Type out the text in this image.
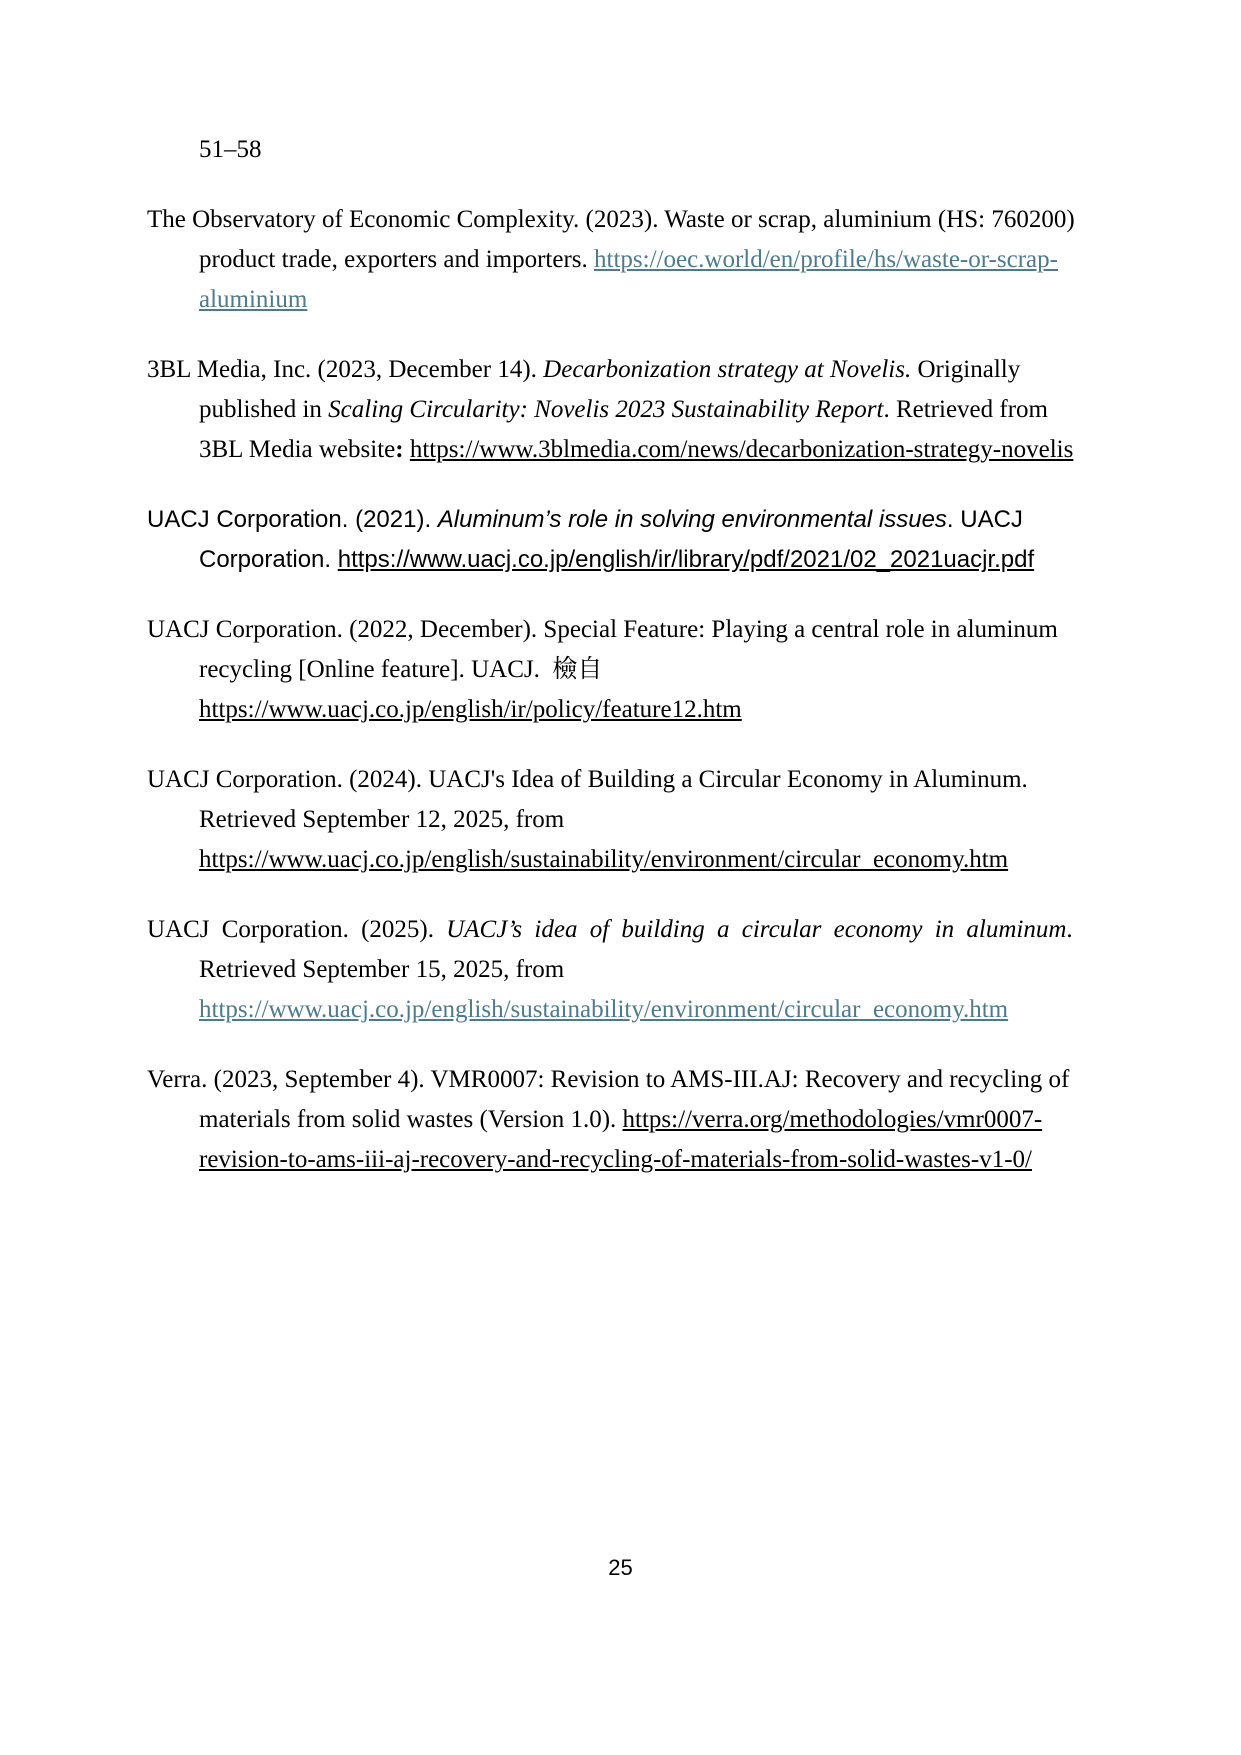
51–58

The Observatory of Economic Complexity. (2023). Waste or scrap, aluminium (HS: 760200)
product trade, exporters and importers. https://oec.world/en/profile/hs/waste-or-scrap-
aluminium

3BL Media, Inc. (2023, December 14). Decarbonization strategy at Novelis. Originally
published in Scaling Circularity: Novelis 2023 Sustainability Report. Retrieved from
3BL Media website: https://www.3blmedia.com/news/decarbonization-strategy-novelis

UACJ Corporation. (2021). Aluminum’s role in solving environmental issues. UACJ
Corporation. https://www.uacj.co.jp/english/ir/library/pdf/2021/02_2021uacjr.pdf

UACJ Corporation. (2022, December). Special Feature: Playing a central role in aluminum
recycling [Online feature]. UACJ.  檢自
https://www.uacj.co.jp/english/ir/policy/feature12.htm

UACJ Corporation. (2024). UACJ's Idea of Building a Circular Economy in Aluminum.
Retrieved September 12, 2025, from
https://www.uacj.co.jp/english/sustainability/environment/circular_economy.htm

UACJ Corporation. (2025). UACJ’s idea of building a circular economy in aluminum.
Retrieved September 15, 2025, from
https://www.uacj.co.jp/english/sustainability/environment/circular_economy.htm

Verra. (2023, September 4). VMR0007: Revision to AMS-III.AJ: Recovery and recycling of
materials from solid wastes (Version 1.0). https://verra.org/methodologies/vmr0007-
revision-to-ams-iii-aj-recovery-and-recycling-of-materials-from-solid-wastes-v1-0/

25
